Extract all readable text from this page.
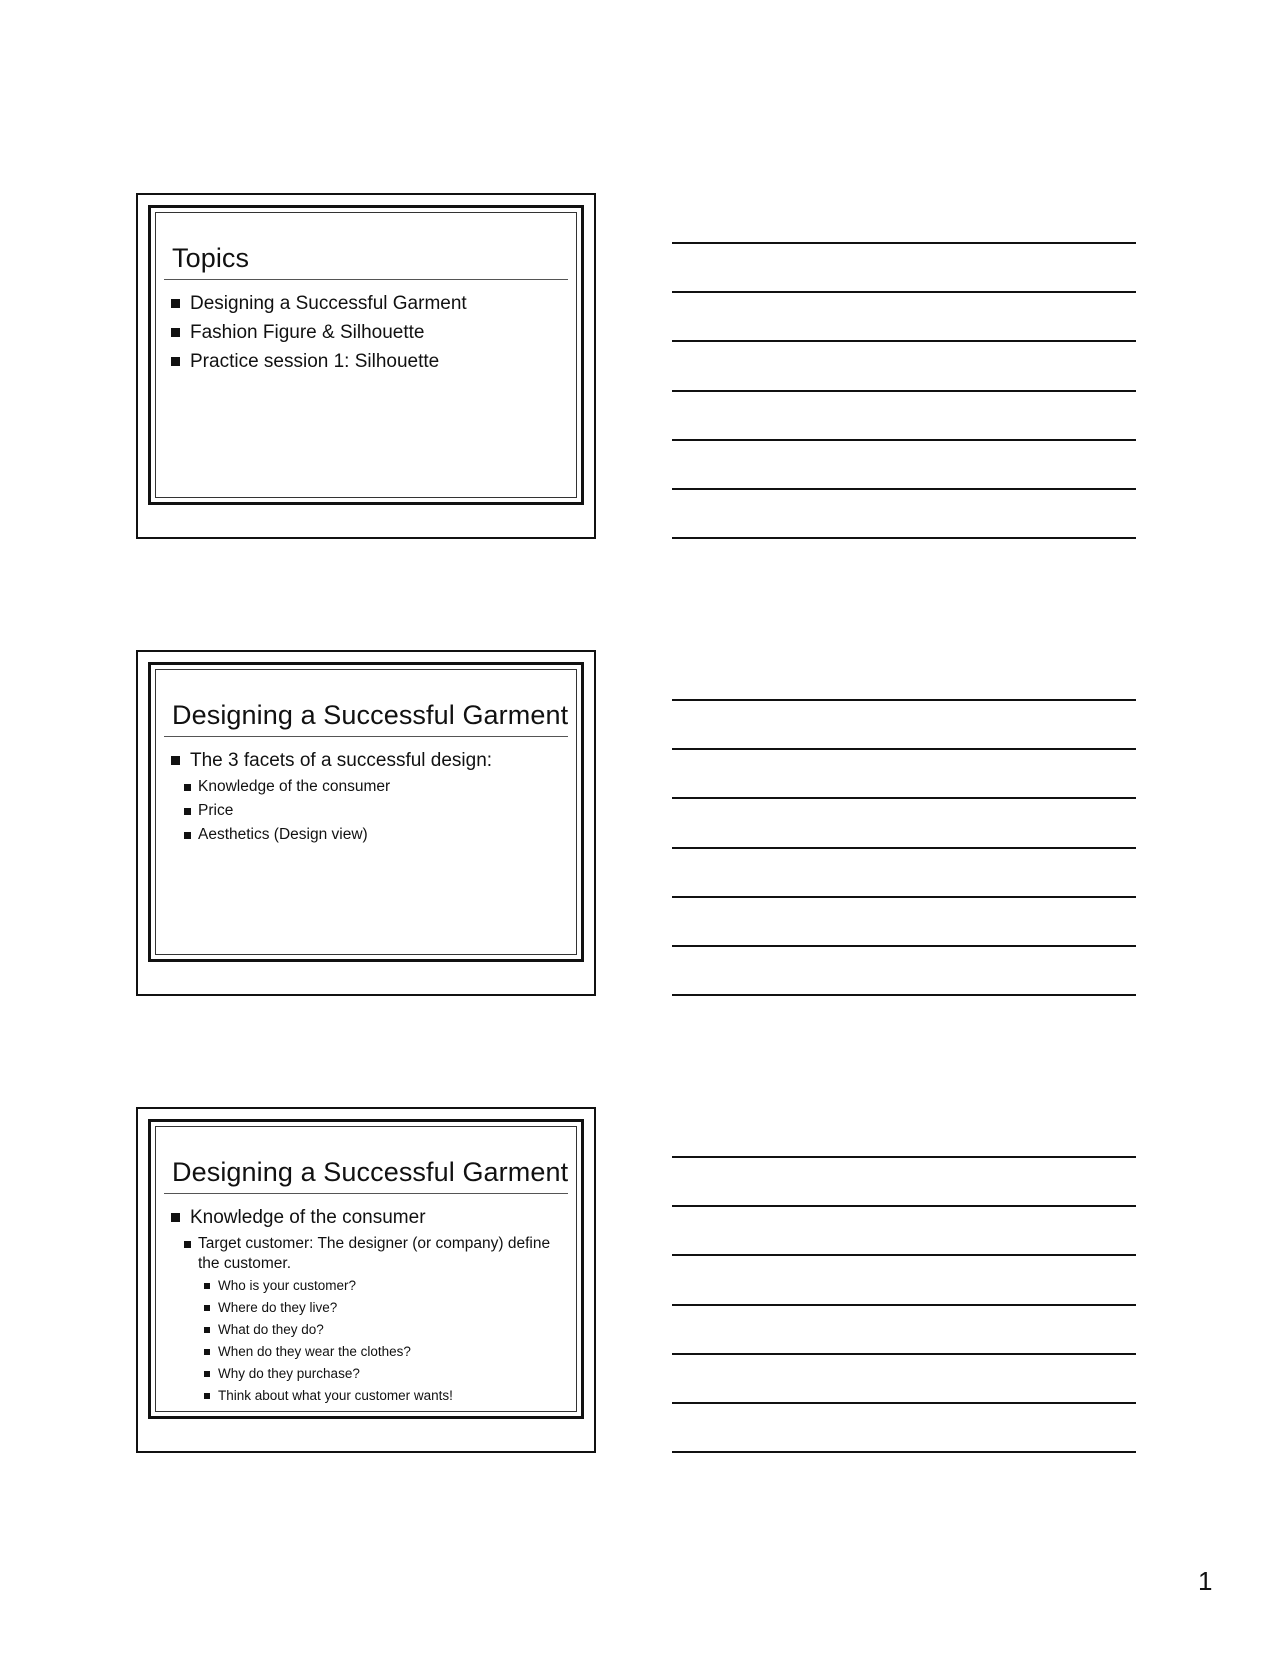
Topics
Designing a Successful Garment
Fashion Figure & Silhouette
Practice session 1: Silhouette
Designing a Successful Garment
The 3 facets of a successful design:
Knowledge of the consumer
Price
Aesthetics (Design view)
Designing a Successful Garment
Knowledge of the consumer
Target customer: The designer (or company) define the customer.
Who is your customer?
Where do they live?
What do they do?
When do they wear the clothes?
Why do they purchase?
Think about what your customer wants!
1
